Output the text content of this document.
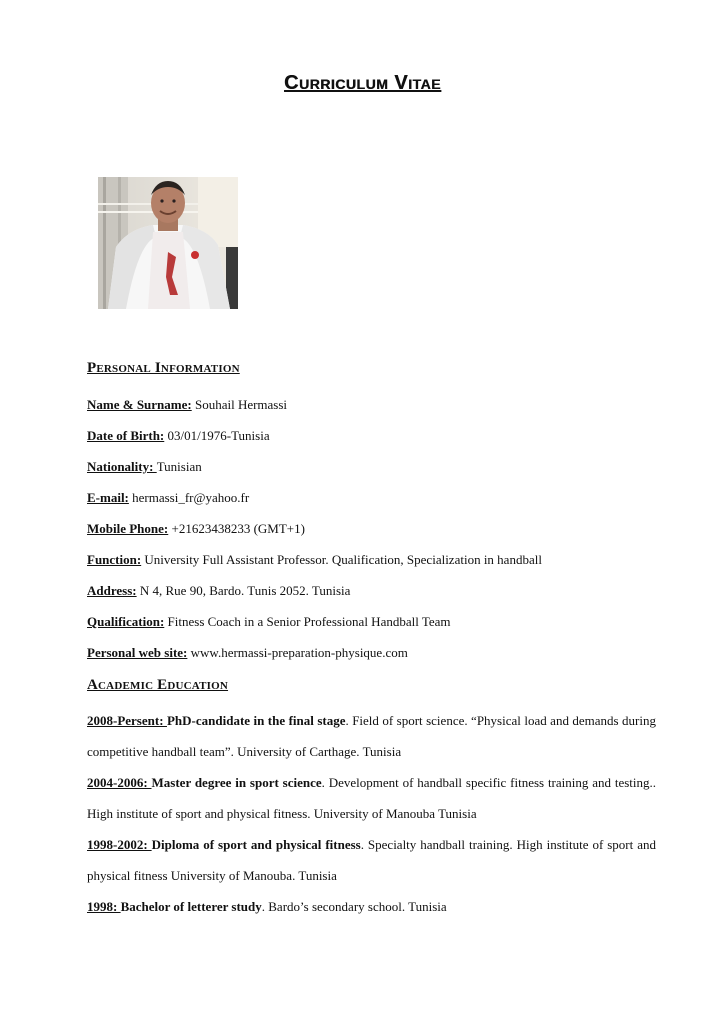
Curriculum Vitae
Personal Information
Name & Surname: Souhail Hermassi
Date of Birth: 03/01/1976-Tunisia
Nationality: Tunisian
E-mail: hermassi_fr@yahoo.fr
Mobile Phone: +21623438233 (GMT+1)
Function: University Full Assistant Professor. Qualification, Specialization in handball
Address: N 4, Rue 90, Bardo. Tunis 2052. Tunisia
Qualification: Fitness Coach in a Senior Professional Handball Team
Personal web site: www.hermassi-preparation-physique.com
Academic Education
2008-Persent: PhD-candidate in the final stage. Field of sport science. “Physical load and demands during competitive handball team”. University of Carthage. Tunisia
2004-2006: Master degree in sport science. Development of handball specific fitness training and testing.. High institute of sport and physical fitness. University of Manouba Tunisia
1998-2002: Diploma of sport and physical fitness. Specialty handball training. High institute of sport and physical fitness University of Manouba. Tunisia
1998: Bachelor of letterer study. Bardo’s secondary school. Tunisia
